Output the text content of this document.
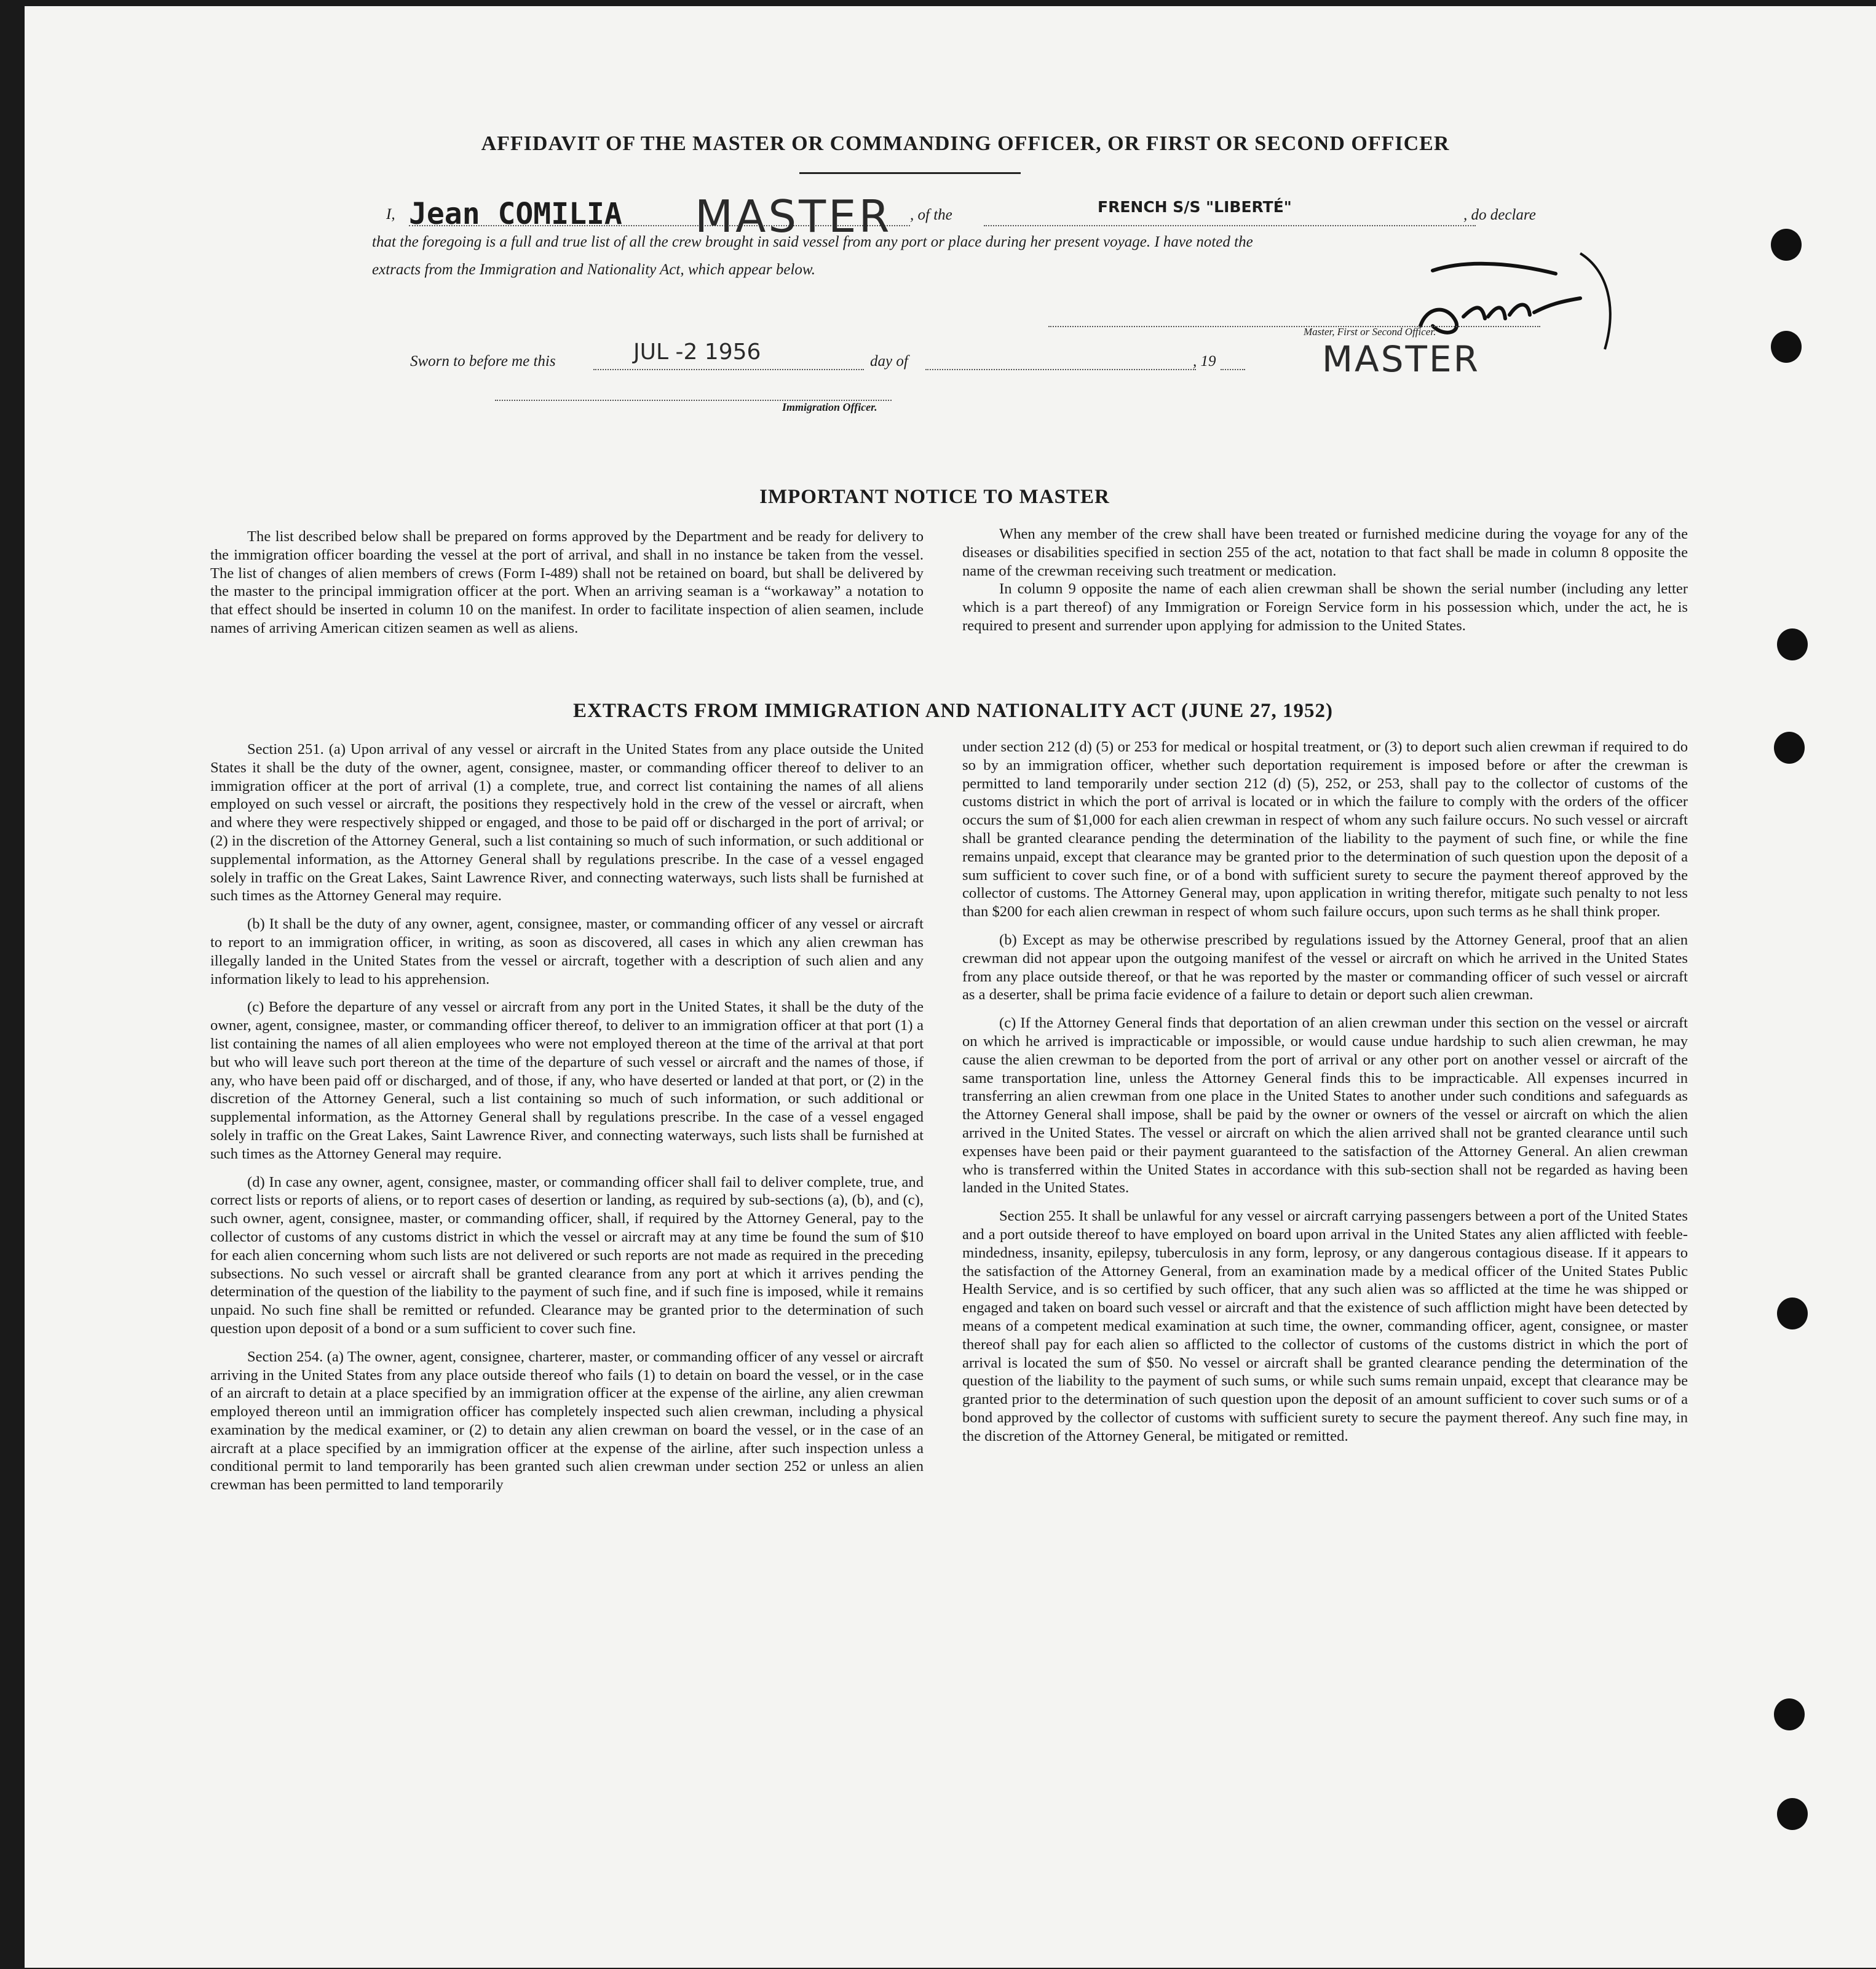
AFFIDAVIT OF THE MASTER OR COMMANDING OFFICER, OR FIRST OR SECOND OFFICER
I, Jean COMILIA MASTER , of the	FRENCH S/S "LIBERTÉ"	, do declare
that the foregoing is a full and true list of all the crew brought in said vessel from any port or place during her present voyage. I have noted the
extracts from the Immigration and Nationality Act, which appear below.
Master, First or Second Officer.
MASTER
Sworn to before me this	JUL -2 1956	day of	, 19
Immigration Officer.
IMPORTANT NOTICE TO MASTER

The list described below shall be prepared on forms approved by the Department and be ready for delivery to the immigration officer boarding the vessel at the port of arrival, and shall in no instance be taken from the vessel. The list of changes of alien members of crews (Form I-489) shall not be retained on board, but shall be delivered by the master to the principal immigration officer at the port. When an arriving seaman is a “workaway” a notation to that effect should be inserted in column 10 on the manifest. In order to facilitate inspection of alien seamen, include names of arriving American citizen seamen as well as aliens.

When any member of the crew shall have been treated or furnished medicine during the voyage for any of the diseases or disabilities specified in section 255 of the act, notation to that fact shall be made in column 8 opposite the name of the crewman receiving such treatment or medication.

In column 9 opposite the name of each alien crewman shall be shown the serial number (including any letter which is a part thereof) of any Immigration or Foreign Service form in his possession which, under the act, he is required to present and surrender upon applying for admission to the United States.

EXTRACTS FROM IMMIGRATION AND NATIONALITY ACT (JUNE 27, 1952)

Section 251. (a) Upon arrival of any vessel or aircraft in the United States from any place outside the United States it shall be the duty of the owner, agent, consignee, master, or commanding officer thereof to deliver to an immigration officer at the port of arrival (1) a complete, true, and correct list containing the names of all aliens employed on such vessel or aircraft, the positions they respectively hold in the crew of the vessel or aircraft, when and where they were respectively shipped or engaged, and those to be paid off or discharged in the port of arrival; or (2) in the discretion of the Attorney General, such a list containing so much of such information, or such additional or supplemental information, as the Attorney General shall by regulations prescribe. In the case of a vessel engaged solely in traffic on the Great Lakes, Saint Lawrence River, and connecting waterways, such lists shall be furnished at such times as the Attorney General may require.

(b) It shall be the duty of any owner, agent, consignee, master, or commanding officer of any vessel or aircraft to report to an immigration officer, in writing, as soon as discovered, all cases in which any alien crewman has illegally landed in the United States from the vessel or aircraft, together with a description of such alien and any information likely to lead to his apprehension.

(c) Before the departure of any vessel or aircraft from any port in the United States, it shall be the duty of the owner, agent, consignee, master, or commanding officer thereof, to deliver to an immigration officer at that port (1) a list containing the names of all alien employees who were not employed thereon at the time of the arrival at that port but who will leave such port thereon at the time of the departure of such vessel or aircraft and the names of those, if any, who have been paid off or discharged, and of those, if any, who have deserted or landed at that port, or (2) in the discretion of the Attorney General, such a list containing so much of such information, or such additional or supplemental information, as the Attorney General shall by regulations prescribe. In the case of a vessel engaged solely in traffic on the Great Lakes, Saint Lawrence River, and connecting waterways, such lists shall be furnished at such times as the Attorney General may require.

(d) In case any owner, agent, consignee, master, or commanding officer shall fail to deliver complete, true, and correct lists or reports of aliens, or to report cases of desertion or landing, as required by sub-sections (a), (b), and (c), such owner, agent, consignee, master, or commanding officer, shall, if required by the Attorney General, pay to the collector of customs of any customs district in which the vessel or aircraft may at any time be found the sum of $10 for each alien concerning whom such lists are not delivered or such reports are not made as required in the preceding subsections. No such vessel or aircraft shall be granted clearance from any port at which it arrives pending the determination of the question of the liability to the payment of such fine, and if such fine is imposed, while it remains unpaid. No such fine shall be remitted or refunded. Clearance may be granted prior to the determination of such question upon deposit of a bond or a sum sufficient to cover such fine.

Section 254. (a) The owner, agent, consignee, charterer, master, or commanding officer of any vessel or aircraft arriving in the United States from any place outside thereof who fails (1) to detain on board the vessel, or in the case of an aircraft to detain at a place specified by an immigration officer at the expense of the airline, any alien crewman employed thereon until an immigration officer has completely inspected such alien crewman, including a physical examination by the medical examiner, or (2) to detain any alien crewman on board the vessel, or in the case of an aircraft at a place specified by an immigration officer at the expense of the airline, after such inspection unless a conditional permit to land temporarily has been granted such alien crewman under section 252 or unless an alien crewman has been permitted to land temporarily

under section 212 (d) (5) or 253 for medical or hospital treatment, or (3) to deport such alien crewman if required to do so by an immigration officer, whether such deportation requirement is imposed before or after the crewman is permitted to land temporarily under section 212 (d) (5), 252, or 253, shall pay to the collector of customs of the customs district in which the port of arrival is located or in which the failure to comply with the orders of the officer occurs the sum of $1,000 for each alien crewman in respect of whom any such failure occurs. No such vessel or aircraft shall be granted clearance pending the determination of the liability to the payment of such fine, or while the fine remains unpaid, except that clearance may be granted prior to the determination of such question upon the deposit of a sum sufficient to cover such fine, or of a bond with sufficient surety to secure the payment thereof approved by the collector of customs. The Attorney General may, upon application in writing therefor, mitigate such penalty to not less than $200 for each alien crewman in respect of whom such failure occurs, upon such terms as he shall think proper.

(b) Except as may be otherwise prescribed by regulations issued by the Attorney General, proof that an alien crewman did not appear upon the outgoing manifest of the vessel or aircraft on which he arrived in the United States from any place outside thereof, or that he was reported by the master or commanding officer of such vessel or aircraft as a deserter, shall be prima facie evidence of a failure to detain or deport such alien crewman.

(c) If the Attorney General finds that deportation of an alien crewman under this section on the vessel or aircraft on which he arrived is impracticable or impossible, or would cause undue hardship to such alien crewman, he may cause the alien crewman to be deported from the port of arrival or any other port on another vessel or aircraft of the same transportation line, unless the Attorney General finds this to be impracticable. All expenses incurred in transferring an alien crewman from one place in the United States to another under such conditions and safeguards as the Attorney General shall impose, shall be paid by the owner or owners of the vessel or aircraft on which the alien arrived in the United States. The vessel or aircraft on which the alien arrived shall not be granted clearance until such expenses have been paid or their payment guaranteed to the satisfaction of the Attorney General. An alien crewman who is transferred within the United States in accordance with this sub-section shall not be regarded as having been landed in the United States.

Section 255. It shall be unlawful for any vessel or aircraft carrying passengers between a port of the United States and a port outside thereof to have employed on board upon arrival in the United States any alien afflicted with feeble-mindedness, insanity, epilepsy, tuberculosis in any form, leprosy, or any dangerous contagious disease. If it appears to the satisfaction of the Attorney General, from an examination made by a medical officer of the United States Public Health Service, and is so certified by such officer, that any such alien was so afflicted at the time he was shipped or engaged and taken on board such vessel or aircraft and that the existence of such affliction might have been detected by means of a competent medical examination at such time, the owner, commanding officer, agent, consignee, or master thereof shall pay for each alien so afflicted to the collector of customs of the customs district in which the port of arrival is located the sum of $50. No vessel or aircraft shall be granted clearance pending the determination of the question of the liability to the payment of such sums, or while such sums remain unpaid, except that clearance may be granted prior to the determination of such question upon the deposit of an amount sufficient to cover such sums or of a bond approved by the collector of customs with sufficient surety to secure the payment thereof. Any such fine may, in the discretion of the Attorney General, be mitigated or remitted.
